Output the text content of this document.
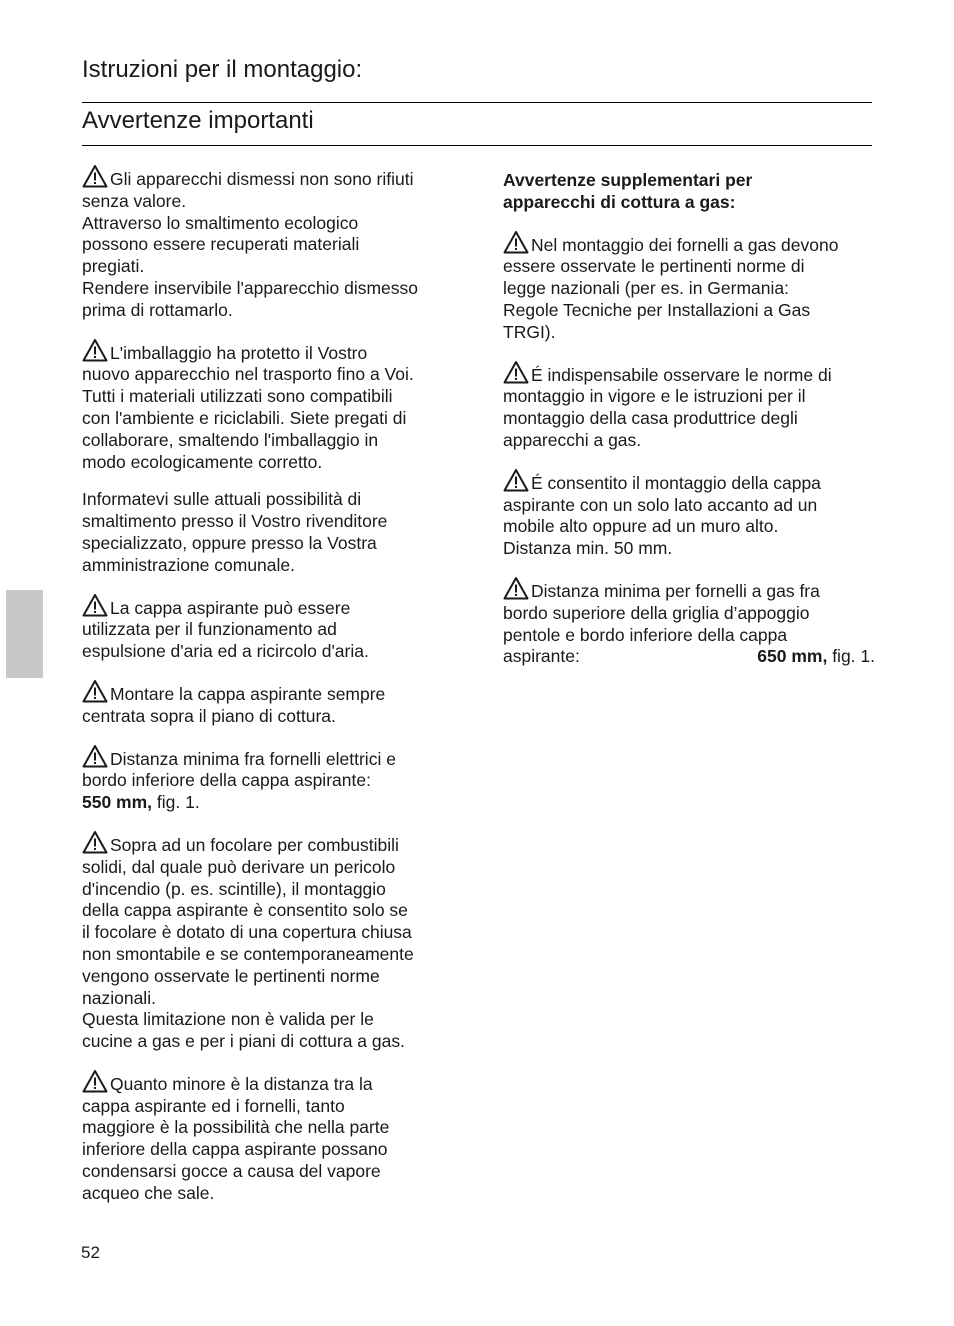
Istruzioni per il montaggio:
Avvertenze importanti
Gli apparecchi dismessi non sono rifiuti
senza valore.
Attraverso lo smaltimento ecologico
possono essere recuperati materiali
pregiati.
Rendere inservibile l'apparecchio dismesso
prima di rottamarlo.
L'imballaggio ha protetto il Vostro
nuovo apparecchio nel trasporto fino a Voi.
Tutti i materiali utilizzati sono compatibili
con l'ambiente e riciclabili. Siete pregati di
collaborare, smaltendo l'imballaggio in
modo ecologicamente corretto.
Informatevi sulle attuali possibilità di
smaltimento presso il Vostro rivenditore
specializzato, oppure presso la Vostra
amministrazione comunale.
La cappa aspirante può essere
utilizzata per il funzionamento ad
espulsione d'aria ed a ricircolo d'aria.
Montare la cappa aspirante sempre
centrata sopra il piano di cottura.
Distanza minima fra fornelli elettrici e
bordo inferiore della cappa aspirante:
550 mm, fig. 1.
Sopra ad un focolare per combustibili
solidi, dal quale può derivare un pericolo
d'incendio (p. es. scintille), il montaggio
della cappa aspirante è consentito solo se
il focolare è dotato di una copertura chiusa
non smontabile e se contemporaneamente
vengono osservate le pertinenti norme
nazionali.
Questa limitazione non è valida per le
cucine a gas e per i piani di cottura a gas.
Quanto minore è la distanza tra la
cappa aspirante ed i fornelli, tanto
maggiore è la possibilità che nella parte
inferiore della cappa aspirante possano
condensarsi gocce a causa del vapore
acqueo che sale.
Avvertenze supplementari per
apparecchi di cottura a gas:
Nel montaggio dei fornelli a gas devono
essere osservate le pertinenti norme di
legge nazionali (per es. in Germania:
Regole Tecniche per Installazioni a Gas
TRGI).
É indispensabile osservare le norme di
montaggio in vigore e le istruzioni per il
montaggio della casa produttrice degli
apparecchi a gas.
É consentito il montaggio della cappa
aspirante con un solo lato accanto ad un
mobile alto oppure ad un muro alto.
Distanza min. 50 mm.
Distanza minima per fornelli a gas fra
bordo superiore della griglia d’appoggio
pentole e bordo inferiore della cappa
aspirante:	650 mm, fig. 1.
52
